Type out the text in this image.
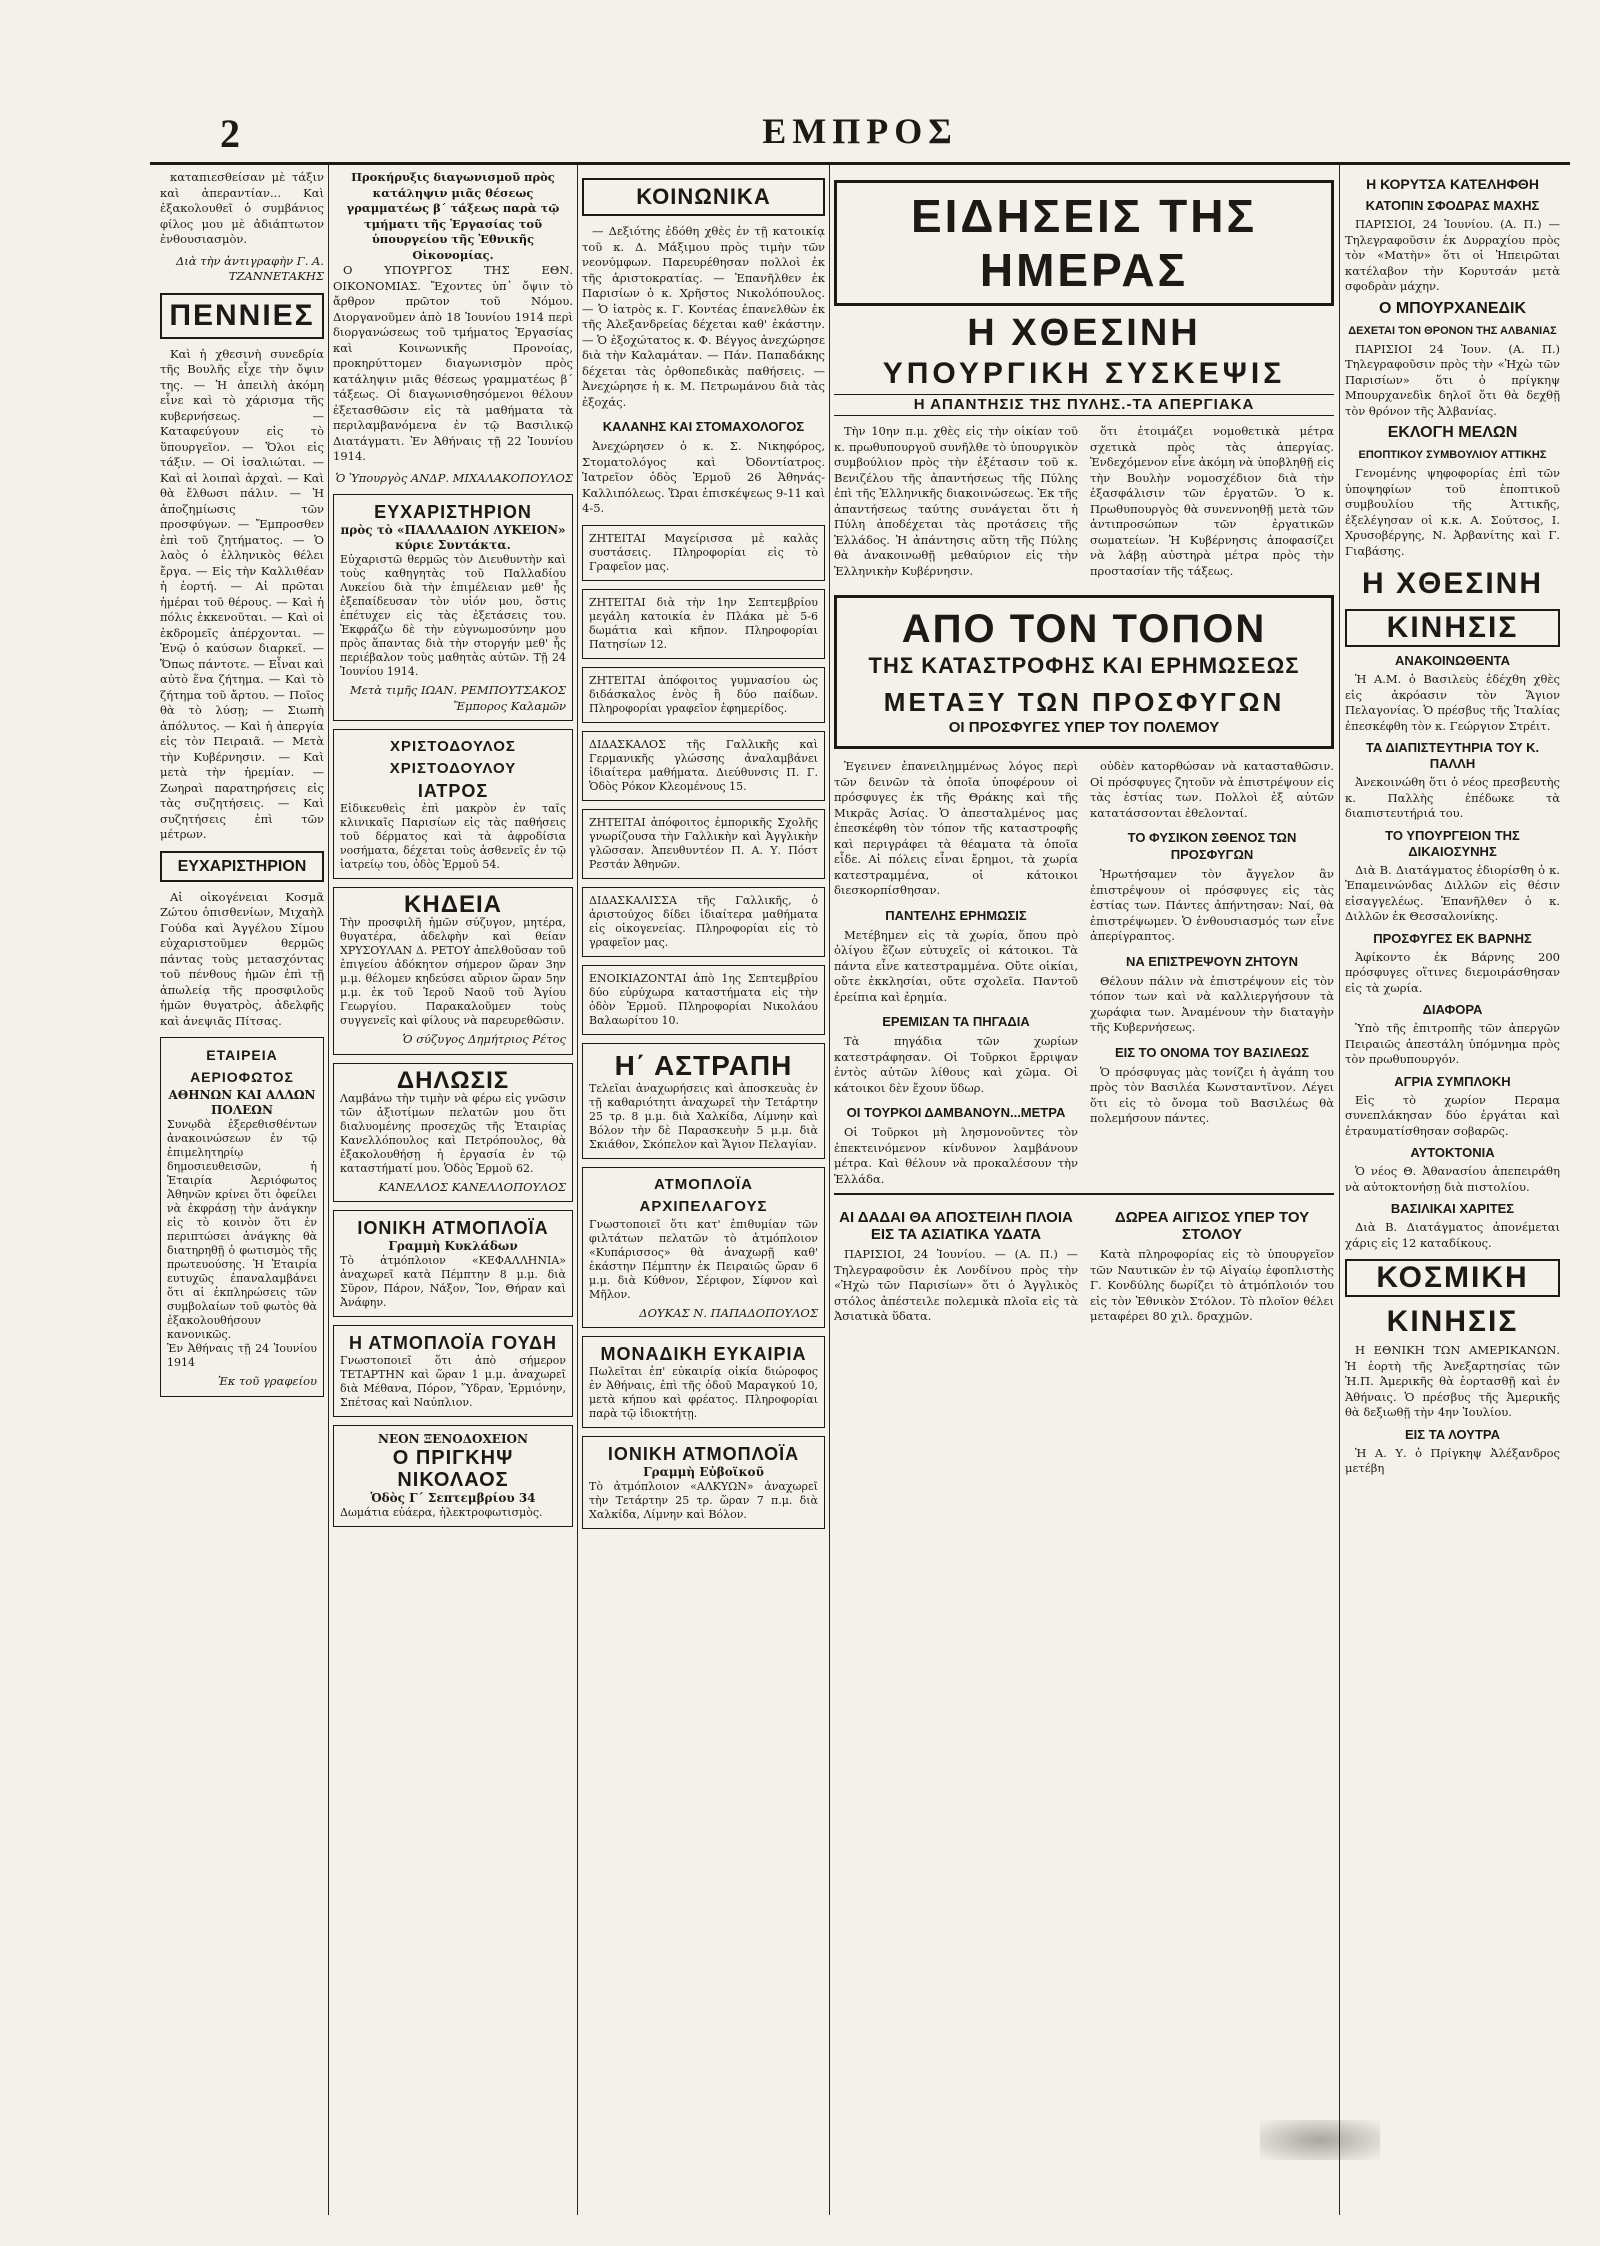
2	ΕΜΠΡΟΣ

καταπιεσθείσαν μὲ τάξιν καὶ ἀπεραντίαν... Καὶ ἐξακολουθεῖ ὁ συμβάνιος φίλος μου μὲ ἀδιάπτωτον ἐνθουσιασμὸν.

Διὰ τὴν ἀντιγραφὴν Γ. Α. ΤΖΑΝΝΕΤΑΚΗΣ
ΠΕΝΝΙΕΣ

Καὶ ἡ χθεσινὴ συνεδρία τῆς Βουλῆς εἶχε τὴν ὄψιν της. — Ἡ ἀπειλὴ ἀκόμη εἶνε καὶ τὸ χάρισμα τῆς κυβερνήσεως. — Καταφεύγουν εἰς τὸ ὕπουργεῖον. — Ὅλοι εἰς τάξιν. — Οἱ ἰσαλιώται. — Καὶ αἱ λοιπαὶ ἀρχαὶ. — Καὶ θὰ ἔλθωσι πάλιν. — Ἡ ἀποζημίωσις τῶν προσφύγων. — Ἔμπροσθεν ἐπὶ τοῦ ζητήματος. — Ὁ λαὸς ὁ ἐλληνικὸς θέλει ἔργα. — Εἰς τὴν Καλλιθέαν ἡ ἑορτή. — Αἱ πρῶται ἡμέραι τοῦ θέρους. — Καὶ ἡ πόλις ἐκκενοῦται. — Καὶ οἱ ἐκδρομεῖς ἀπέρχονται. — Ἐνῷ ὁ καύσων διαρκεῖ. — Ὅπως πάντοτε. — Εἶναι καὶ αὐτὸ ἕνα ζήτημα. — Καὶ τὸ ζήτημα τοῦ ἄρτου. — Ποῖος θὰ τὸ λύσῃ; — Σιωπὴ ἀπόλυτος. — Καὶ ἡ ἀπεργία εἰς τὸν Πειραιᾶ. — Μετὰ τὴν Κυβέρνησιν. — Καὶ μετὰ τὴν ἡρεμίαν. — Ζωηραὶ παρατηρήσεις εἰς τὰς συζητήσεις. — Καὶ συζητήσεις ἐπὶ τῶν μέτρων.

ΕΥΧΑΡΙΣΤΗΡΙΟΝ

Αἱ οἰκογένειαι Κοσμᾶ Ζώτου ὁπισθενίων, Μιχαὴλ Γούδα καὶ Ἀγγέλου Σίμου εὐχαριστοῦμεν θερμῶς πάντας τοὺς μετασχόντας τοῦ πένθους ἡμῶν ἐπὶ τῇ ἀπωλείᾳ τῆς προσφιλοῦς ἡμῶν θυγατρὸς, ἀδελφῆς καὶ ἀνεψιᾶς Πίτσας.

ΕΤΑΙΡΕΙΑ ΑΕΡΙΟΦΩΤΟΣ
ΑΘΗΝΩΝ ΚΑΙ ΑΛΛΩΝ ΠΟΛΕΩΝ
Συνῳδὰ ἐξερεθισθέντων ἀνακοινώσεων ἐν τῷ ἐπιμελητηρίῳ δημοσιευθεισῶν, ἡ Ἑταιρία Ἀεριόφωτος Ἀθηνῶν κρίνει ὅτι ὁφείλει νὰ ἐκφράσῃ τὴν ἀνάγκην εἰς τὸ κοινὸν ὅτι ἐν περιπτώσει ἀνάγκης θὰ διατηρηθῇ ὁ φωτισμὸς τῆς πρωτευούσης. Ἡ Ἑταιρία ευτυχῶς ἐπαναλαμβάνει ὅτι αἱ ἐκπληρώσεις τῶν συμβολαίων τοῦ φωτὸς θὰ ἐξακολουθήσουν κανονικῶς.
Ἐν Ἀθήναις τῇ 24 Ἰουνίου 1914
Ἐκ τοῦ γραφείου
Προκήρυξις διαγωνισμοῦ πρὸς κατάληψιν μιᾶς θέσεως γραμματέως β΄ τάξεως παρὰ τῷ τμήματι τῆς Ἐργασίας τοῦ ὑπουργείου τῆς Ἐθνικῆς Οἰκονομίας.

Ο ΥΠΟΥΡΓΟΣ ΤΗΣ ΕΘΝ. ΟΙΚΟΝΟΜΙΑΣ. Ἔχοντες ὑπ᾽ ὄψιν τὸ ἄρθρον πρῶτον τοῦ Νόμου. Διοργανοῦμεν ἀπὸ 18 Ἰουνίου 1914 περὶ διοργανώσεως τοῦ τμήματος Ἐργασίας καὶ Κοινωνικῆς Προνοίας, προκηρύττομεν διαγωνισμὸν πρὸς κατάληψιν μιᾶς θέσεως γραμματέως β΄ τάξεως. Οἱ διαγωνισθησόμενοι θέλουν ἐξετασθῶσιν εἰς τὰ μαθήματα τὰ περιλαμβανόμενα ἐν τῷ Βασιλικῷ Διατάγματι. Ἐν Ἀθήναις τῇ 22 Ἰουνίου 1914.

Ὁ Ὑπουργὸς ΑΝΔΡ. ΜΙΧΑΛΑΚΟΠΟΥΛΟΣ
ΕΥΧΑΡΙΣΤΗΡΙΟΝ
πρὸς τὸ «ΠΑΛΛΑΔΙΟΝ ΛΥΚΕΙΟΝ» κύριε Συντάκτα.
Εὐχαριστῶ θερμῶς τὸν Διευθυντὴν καὶ τοὺς καθηγητὰς τοῦ Παλλαδίου Λυκείου διὰ τὴν ἐπιμέλειαν μεθ' ἧς ἐξεπαίδευσαν τὸν υἱόν μου, ὅστις ἐπέτυχεν εἰς τὰς ἐξετάσεις του. Ἐκφράζω δὲ τὴν εὐγνωμοσύνην μου πρὸς ἅπαντας διὰ τὴν στοργήν μεθ' ἧς περιέβαλον τοὺς μαθητὰς αὐτῶν. Τῇ 24 Ἰουνίου 1914.
Μετὰ τιμῆς ΙΩΑΝ. ΡΕΜΠΟΥΤΣΑΚΟΣ Ἔμπορος Καλαμῶν
ΧΡΙΣΤΟΔΟΥΛΟΣ ΧΡΙΣΤΟΔΟΥΛΟΥ
ΙΑΤΡΟΣ
Εἰδικευθεὶς ἐπὶ μακρὸν ἐν ταῖς κλινικαῖς Παρισίων εἰς τὰς παθήσεις τοῦ δέρματος καὶ τὰ ἀφροδίσια νοσήματα, δέχεται τοὺς ἀσθενεῖς ἐν τῷ ἰατρείῳ του, ὁδὸς Ἑρμοῦ 54.
ΚΗΔΕΙΑ
Τὴν προσφιλῆ ἡμῶν σύζυγον, μητέρα, θυγατέρα, ἀδελφὴν καὶ θείαν ΧΡΥΣΟΥΛΑΝ Δ. ΡΕΤΟΥ ἀπελθοῦσαν τοῦ ἐπιγείου ἀδόκητον σήμερον ὥραν 3ην μ.μ. θέλομεν κηδεύσει αὔριον ὥραν 5ην μ.μ. ἐκ τοῦ Ἱεροῦ Ναοῦ τοῦ Ἁγίου Γεωργίου. Παρακαλοῦμεν τοὺς συγγενεῖς καὶ φίλους νὰ παρευρεθῶσιν.
Ὁ σύζυγος Δημήτριος Ρέτος
ΔΗΛΩΣΙΣ
Λαμβάνω τὴν τιμὴν νὰ φέρω εἰς γνῶσιν τῶν ἀξιοτίμων πελατῶν μου ὅτι διαλυομένης προσεχῶς τῆς Ἑταιρίας Κανελλόπουλος καὶ Πετρόπουλος, θὰ ἐξακολουθήσῃ ἡ ἐργασία ἐν τῷ καταστήματί μου. Ὁδὸς Ἑρμοῦ 62.
ΚΑΝΕΛΛΟΣ ΚΑΝΕΛΛΟΠΟΥΛΟΣ
ΙΟΝΙΚΗ ΑΤΜΟΠΛΟΪΑ
Γραμμὴ Κυκλάδων
Τὸ ἀτμόπλοιον «ΚΕΦΑΛΛΗΝΙΑ» ἀναχωρεῖ κατὰ Πέμπτην 8 μ.μ. διὰ Σῦρον, Πάρον, Νάξον, Ἴον, Θήραν καὶ Ἀνάφην.
Η ΑΤΜΟΠΛΟΪΑ ΓΟΥΔΗ
Γνωστοποιεῖ ὅτι ἀπὸ σήμερον ΤΕΤΑΡΤΗΝ καὶ ὥραν 1 μ.μ. ἀναχωρεῖ διὰ Μέθανα, Πόρον, Ὕδραν, Ἑρμιόνην, Σπέτσας καὶ Ναύπλιον.
ΝΕΟΝ ΞΕΝΟΔΟΧΕΙΟΝ
Ο ΠΡΙΓΚΗΨ ΝΙΚΟΛΑΟΣ
Ὁδὸς Γ΄ Σεπτεμβρίου 34
Δωμάτια εὐάερα, ἠλεκτροφωτισμὸς.
ΚΟΙΝΩΝΙΚΑ

— Δεξιότης ἐδόθη χθὲς ἐν τῇ κατοικίᾳ τοῦ κ. Δ. Μάξιμου πρὸς τιμὴν τῶν νεονύμφων. Παρευρέθησαν πολλοὶ ἐκ τῆς ἀριστοκρατίας. — Ἐπανῆλθεν ἐκ Παρισίων ὁ κ. Χρῆστος Νικολόπουλος. — Ὁ ἰατρὸς κ. Γ. Κοντέας ἐπανελθὼν ἐκ τῆς Ἀλεξανδρείας δέχεται καθ' ἑκάστην. — Ὁ ἐξοχώτατος κ. Φ. Βέγγος ἀνεχώρησε διὰ τὴν Καλαμάταν. — Πάν. Παπαδάκης δέχεται τὰς ὀρθοπεδικὰς παθήσεις. — Ἀνεχώρησε ἡ κ. Μ. Πετρωμάνου διὰ τὰς ἐξοχάς.

ΚΑΛΑΝΗΣ ΚΑΙ ΣΤΟΜΑΧΟΛΟΓΟΣ

Ἀνεχώρησεν ὁ κ. Σ. Νικηφόρος, Στοματολόγος καὶ Ὀδοντίατρος. Ἰατρεῖον ὁδὸς Ἑρμοῦ 26 Ἀθηνάς-Καλλιπόλεως. Ὥραι ἐπισκέψεως 9-11 καὶ 4-5.

ΖΗΤΕΙΤΑΙ Μαγείρισσα μὲ καλὰς συστάσεις. Πληροφορίαι εἰς τὸ Γραφεῖον μας.
ΖΗΤΕΙΤΑΙ διὰ τὴν 1ην Σεπτεμβρίου μεγάλη κατοικία ἐν Πλάκα μὲ 5-6 δωμάτια καὶ κῆπον. Πληροφορίαι Πατησίων 12.
ΖΗΤΕΙΤΑΙ ἀπόφοιτος γυμνασίου ὡς διδάσκαλος ἑνὸς ἢ δύο παίδων. Πληροφορίαι γραφεῖον ἐφημερίδος.
ΔΙΔΑΣΚΑΛΟΣ τῆς Γαλλικῆς καὶ Γερμανικῆς γλώσσης ἀναλαμβάνει ἰδιαίτερα μαθήματα. Διεύθυνσις Π. Γ. Ὁδὸς Ρόκον Κλεομένους 15.
ΖΗΤΕΙΤΑΙ ἀπόφοιτος ἐμπορικῆς Σχολῆς γνωρίζουσα τὴν Γαλλικὴν καὶ Ἀγγλικὴν γλῶσσαν. Ἀπευθυντέον Π. Α. Υ. Πόστ Ρεστάν Ἀθηνῶν.
ΔΙΔΑΣΚΑΛΙΣΣΑ τῆς Γαλλικῆς, ὁ ἀριστούχος δίδει ἰδιαίτερα μαθήματα εἰς οἰκογενείας. Πληροφορίαι εἰς τὸ γραφεῖον μας.
ΕΝΟΙΚΙΑΖΟΝΤΑΙ ἀπὸ 1ης Σεπτεμβρίου δύο εὐρύχωρα καταστήματα εἰς τὴν ὁδὸν Ἑρμοῦ. Πληροφορίαι Νικολάου Βαλαωρίτου 10.
Η΄ ΑΣΤΡΑΠΗ
Τελεῖαι ἀναχωρήσεις καὶ ἀποσκευὰς ἐν τῇ καθαριότητι ἀναχωρεῖ τὴν Τετάρτην 25 τρ. 8 μ.μ. διὰ Χαλκίδα, Λίμνην καὶ Βόλον τὴν δὲ Παρασκευὴν 5 μ.μ. διὰ Σκιάθον, Σκόπελον καὶ Ἅγιον Πελαγίαν.
ΑΤΜΟΠΛΟΪΑ ΑΡΧΙΠΕΛΑΓΟΥΣ
Γνωστοποιεῖ ὅτι κατ' ἐπιθυμίαν τῶν φιλτάτων πελατῶν τὸ ἀτμόπλοιον «Κυπάρισσος» θὰ ἀναχωρῇ καθ' ἑκάστην Πέμπτην ἐκ Πειραιῶς ὥραν 6 μ.μ. διὰ Κύθνον, Σέριφον, Σίφνον καὶ Μῆλον.
ΔΟΥΚΑΣ Ν. ΠΑΠΑΔΟΠΟΥΛΟΣ
ΜΟΝΑΔΙΚΗ ΕΥΚΑΙΡΙΑ
Πωλεῖται ἐπ' εὐκαιρίᾳ οἰκία διώροφος ἐν Ἀθήναις, ἐπὶ τῆς ὁδοῦ Μαραγκού 10, μετὰ κήπου καὶ φρέατος. Πληροφορίαι παρὰ τῷ ἰδιοκτήτῃ.
ΙΟΝΙΚΗ ΑΤΜΟΠΛΟΪΑ
Γραμμὴ Εὐβοϊκοῦ
Τὸ ἀτμόπλοιον «ΑΛΚΥΩΝ» ἀναχωρεῖ τὴν Τετάρτην 25 τρ. ὥραν 7 π.μ. διὰ Χαλκίδα, Λίμνην καὶ Βόλον.
ΕΙΔΗΣΕΙΣ ΤΗΣ ΗΜΕΡΑΣ
Η ΧΘΕΣΙΝΗ
ΥΠΟΥΡΓΙΚΗ ΣΥΣΚΕΨΙΣ
Η ΑΠΑΝΤΗΣΙΣ ΤΗΣ ΠΥΛΗΣ.-ΤΑ ΑΠΕΡΓΙΑΚΑ

Τὴν 10ην π.μ. χθὲς εἰς τὴν οἰκίαν τοῦ κ. πρωθυπουργοῦ συνῆλθε τὸ ὑπουργικὸν συμβούλιον πρὸς τὴν ἐξέτασιν τοῦ κ. Βενιζέλου τῆς ἀπαντήσεως τῆς Πύλης ἐπὶ τῆς Ἑλληνικῆς διακοινώσεως. Ἐκ τῆς ἀπαντήσεως ταύτης συνάγεται ὅτι ἡ Πύλη ἀποδέχεται τὰς προτάσεις τῆς Ἑλλάδος. Ἡ ἀπάντησις αὕτη τῆς Πύλης θὰ ἀνακοινωθῇ μεθαύριον εἰς τὴν Ἑλληνικὴν Κυβέρνησιν.

ὅτι ἐτοιμάζει νομοθετικὰ μέτρα σχετικὰ πρὸς τὰς ἀπεργίας. Ἐνδεχόμενον εἶνε ἀκόμη νὰ ὑποβληθῇ εἰς τὴν Βουλὴν νομοσχέδιον διὰ τὴν ἐξασφάλισιν τῶν ἐργατῶν. Ὁ κ. Πρωθυπουργὸς θὰ συνεννοηθῇ μετὰ τῶν ἀντιπροσώπων τῶν ἐργατικῶν σωματείων. Ἡ Κυβέρνησις ἀποφασίζει νὰ λάβῃ αὐστηρὰ μέτρα πρὸς τὴν προστασίαν τῆς τάξεως.

ΑΠΟ ΤΟΝ ΤΟΠΟΝ
ΤΗΣ ΚΑΤΑΣΤΡΟΦΗΣ ΚΑΙ ΕΡΗΜΩΣΕΩΣ
ΜΕΤΑΞΥ ΤΩΝ ΠΡΟΣΦΥΓΩΝ
ΟΙ ΠΡΟΣΦΥΓΕΣ ΥΠΕΡ ΤΟΥ ΠΟΛΕΜΟΥ

Ἐγεινεν ἐπανειλημμένως λόγος περὶ τῶν δεινῶν τὰ ὁποῖα ὑποφέρουν οἱ πρόσφυγες ἐκ τῆς Θράκης καὶ τῆς Μικρᾶς Ἀσίας. Ὁ ἀπεσταλμένος μας ἐπεσκέφθη τὸν τόπον τῆς καταστροφῆς καὶ περιγράφει τὰ θέαματα τὰ ὁποῖα εἶδε. Αἱ πόλεις εἶναι ἔρημοι, τὰ χωρία κατεστραμμένα, οἱ κάτοικοι διεσκορπίσθησαν.

ΠΑΝΤΕΛΗΣ ΕΡΗΜΩΣΙΣ

Μετέβημεν εἰς τὰ χωρία, ὅπου πρὸ ὀλίγου ἔζων εὐτυχεῖς οἱ κάτοικοι. Τὰ πάντα εἶνε κατεστραμμένα. Οὔτε οἰκίαι, οὔτε ἐκκλησίαι, οὔτε σχολεῖα. Παντοῦ ἐρείπια καὶ ἐρημία.

ΕΡΕΜΙΣΑΝ ΤΑ ΠΗΓΑΔΙΑ

Τὰ πηγάδια τῶν χωρίων κατεστράφησαν. Οἱ Τοῦρκοι ἔρριψαν ἐντὸς αὐτῶν λίθους καὶ χῶμα. Οἱ κάτοικοι δὲν ἔχουν ὕδωρ.

ΟΙ ΤΟΥΡΚΟΙ ΔΑΜΒΑΝΟΥΝ...ΜΕΤΡΑ

Οἱ Τοῦρκοι μὴ λησμονοῦντες τὸν ἐπεκτεινόμενον κίνδυνον λαμβάνουν μέτρα. Καὶ θέλουν νὰ προκαλέσουν τὴν Ἑλλάδα.

οὐδὲν κατορθώσαν νὰ κατασταθῶσιν. Οἱ πρόσφυγες ζητοῦν νὰ ἐπιστρέψουν εἰς τὰς ἑστίας των. Πολλοὶ ἐξ αὐτῶν κατατάσσονται ἐθελονταί.

ΤΟ ΦΥΣΙΚΟΝ ΣΘΕΝΟΣ ΤΩΝ ΠΡΟΣΦΥΓΩΝ

Ἠρωτήσαμεν τὸν ἄγγελον ἂν ἐπιστρέψουν οἱ πρόσφυγες εἰς τὰς ἑστίας των. Πάντες ἀπήντησαν: Ναί, θὰ ἐπιστρέψωμεν. Ὁ ἐνθουσιασμός των εἶνε ἀπερίγραπτος.

ΝΑ ΕΠΙΣΤΡΕΨΟΥΝ ΖΗΤΟΥΝ

Θέλουν πάλιν νὰ ἐπιστρέψουν εἰς τὸν τόπον των καὶ νὰ καλλιεργήσουν τὰ χωράφια των. Ἀναμένουν τὴν διαταγὴν τῆς Κυβερνήσεως.

ΕΙΣ ΤΟ ΟΝΟΜΑ ΤΟΥ ΒΑΣΙΛΕΩΣ

Ὁ πρόσφυγας μὰς τονίζει ἡ ἀγάπη του πρὸς τὸν Βασιλέα Κωνσταντῖνον. Λέγει ὅτι εἰς τὸ ὄνομα τοῦ Βασιλέως θὰ πολεμήσουν πάντες.

ΑΙ ΔΑΔΑΙ ΘΑ ΑΠΟΣΤΕΙΛΗ ΠΛΟΙΑ ΕΙΣ ΤΑ ΑΣΙΑΤΙΚΑ ΥΔΑΤΑ

ΠΑΡΙΣΙΟΙ, 24 Ἰουνίου. — (Α. Π.) — Τηλεγραφοῦσιν ἐκ Λονδίνου πρὸς τὴν «Ἠχὼ τῶν Παρισίων» ὅτι ὁ Ἀγγλικὸς στόλος ἀπέστειλε πολεμικὰ πλοῖα εἰς τὰ Ἀσιατικὰ ὕδατα.

ΔΩΡΕΑ ΑΙΓΙΣΟΣ ΥΠΕΡ ΤΟΥ ΣΤΟΛΟΥ

Κατὰ πληροφορίας εἰς τὸ ὑπουργεῖον τῶν Ναυτικῶν ἐν τῷ Αἰγαίῳ ἐφοπλιστὴς Γ. Κονδύλης δωρίζει τὸ ἀτμόπλοιόν του εἰς τὸν Ἐθνικὸν Στόλον. Τὸ πλοῖον θέλει μεταφέρει 80 χιλ. δραχμῶν.

Η ΚΟΡΥΤΣΑ ΚΑΤΕΛΗΦΘΗ
ΚΑΤΟΠΙΝ ΣΦΟΔΡΑΣ ΜΑΧΗΣ

ΠΑΡΙΣΙΟΙ, 24 Ἰουνίου. (Α. Π.) — Τηλεγραφοῦσιν ἐκ Δυρραχίου πρὸς τὸν «Ματὴν» ὅτι οἱ Ἠπειρῶται κατέλαβον τὴν Κορυτσάν μετὰ σφοδρὰν μάχην.

Ο ΜΠΟΥΡΧΑΝΕΔΙΚ
ΔΕΧΕΤΑΙ ΤΟΝ ΘΡΟΝΟΝ ΤΗΣ ΑΛΒΑΝΙΑΣ

ΠΑΡΙΣΙΟΙ 24 Ἰουν. (Α. Π.) Τηλεγραφοῦσιν πρὸς τὴν «Ἠχὼ τῶν Παρισίων» ὅτι ὁ πρίγκηψ Μπουρχανεδὶκ δηλοῖ ὅτι θὰ δεχθῇ τὸν θρόνον τῆς Ἀλβανίας.

ΕΚΛΟΓΗ ΜΕΛΩΝ
ΕΠΟΠΤΙΚΟΥ ΣΥΜΒΟΥΛΙΟΥ ΑΤΤΙΚΗΣ

Γενομένης ψηφοφορίας ἐπὶ τῶν ὑποψηφίων τοῦ ἐποπτικοῦ συμβουλίου τῆς Ἀττικῆς, ἐξελέγησαν οἱ κ.κ. Α. Σούτσος, Ι. Χρυσοβέργης, Ν. Ἀρβανίτης καὶ Γ. Γιαβάσης.

Η ΧΘΕΣΙΝΗ
ΚΙΝΗΣΙΣ
ΑΝΑΚΟΙΝΩΘΕΝΤΑ

Ἡ Α.Μ. ὁ Βασιλεὺς ἐδέχθη χθὲς εἰς ἀκρόασιν τὸν Ἅγιον Πελαγονίας. Ὁ πρέσβυς τῆς Ἰταλίας ἐπεσκέφθη τὸν κ. Γεώργιον Στρέιτ.

ΤΑ ΔΙΑΠΙΣΤΕΥΤΗΡΙΑ ΤΟΥ Κ. ΠΑΛΛΗ

Ἀνεκοινώθη ὅτι ὁ νέος πρεσβευτὴς κ. Παλλὴς ἐπέδωκε τὰ διαπιστευτήριά του.

ΤΟ ΥΠΟΥΡΓΕΙΟΝ ΤΗΣ ΔΙΚΑΙΟΣΥΝΗΣ

Διὰ Β. Διατάγματος ἐδιορίσθη ὁ κ. Ἐπαμεινώνδας Διλλῶν εἰς θέσιν εἰσαγγελέως. Ἐπανῆλθεν ὁ κ. Διλλῶν ἐκ Θεσσαλονίκης.

ΠΡΟΣΦΥΓΕΣ ΕΚ ΒΑΡΝΗΣ

Ἀφίκοντο ἐκ Βάρνης 200 πρόσφυγες οἵτινες διεμοιράσθησαν εἰς τὰ χωρία.

ΔΙΑΦΟΡΑ

Ὑπὸ τῆς ἐπιτροπῆς τῶν ἀπεργῶν Πειραιῶς ἀπεστάλη ὑπόμνημα πρὸς τὸν πρωθυπουργόν.

ΑΓΡΙΑ ΣΥΜΠΛΟΚΗ

Εἰς τὸ χωρίον Περαμα συνεπλάκησαν δύο ἐργάται καὶ ἐτραυματίσθησαν σοβαρῶς.

ΑΥΤΟΚΤΟΝΙΑ

Ὁ νέος Θ. Ἀθανασίου ἀπεπειράθη νὰ αὐτοκτονήσῃ διὰ πιστολίου.

ΒΑΣΙΛΙΚΑΙ ΧΑΡΙΤΕΣ

Διὰ Β. Διατάγματος ἀπονέμεται χάρις εἰς 12 καταδίκους.

ΚΟΣΜΙΚΗ
ΚΙΝΗΣΙΣ

Η ΕΘΝΙΚΗ ΤΩΝ ΑΜΕΡΙΚΑΝΩΝ. Ἡ ἑορτὴ τῆς Ἀνεξαρτησίας τῶν Ἡ.Π. Ἀμερικῆς θὰ ἑορτασθῇ καὶ ἐν Ἀθήναις. Ὁ πρέσβυς τῆς Ἀμερικῆς θὰ δεξιωθῇ τὴν 4ην Ἰουλίου.

ΕΙΣ ΤΑ ΛΟΥΤΡΑ

Ἡ Α. Υ. ὁ Πρίγκηψ Ἀλέξανδρος μετέβη
